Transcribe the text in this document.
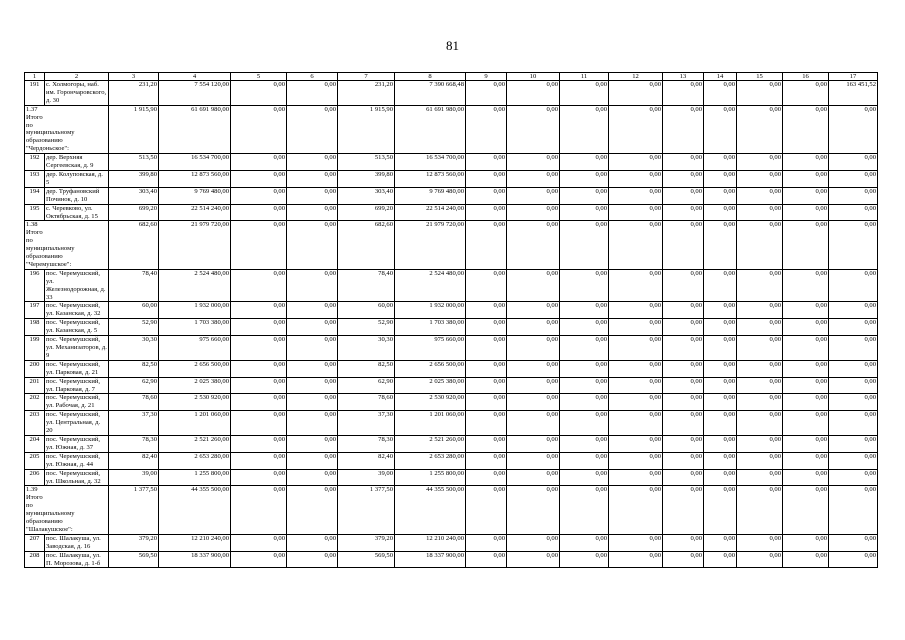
81
1	2	3	4	5	6	7	8	9	10	11	12	13	14	15	16	17
191	с. Холмогоры, наб. им. Горончаровского, д. 30	231,20	7 554 120,00	0,00	0,00	231,20	7 390 668,48	0,00	0,00	0,00	0,00	0,00	0,00	0,00	0,00	163 451,52
1.37 Итого по муниципальному образованию "Чердоньское":		1 915,90	61 691 980,00	0,00	0,00	1 915,90	61 691 980,00	0,00	0,00	0,00	0,00	0,00	0,00	0,00	0,00	0,00
192	дер. Верхняя Сергеевская, д. 9	513,50	16 534 700,00	0,00	0,00	513,50	16 534 700,00	0,00	0,00	0,00	0,00	0,00	0,00	0,00	0,00	0,00
193	дер. Колуповская, д. 5	399,80	12 873 560,00	0,00	0,00	399,80	12 873 560,00	0,00	0,00	0,00	0,00	0,00	0,00	0,00	0,00	0,00
194	дер. Труфановский Починок, д. 10	303,40	9 769 480,00	0,00	0,00	303,40	9 769 480,00	0,00	0,00	0,00	0,00	0,00	0,00	0,00	0,00	0,00
195	с. Черевково, ул. Октябрьская, д. 15	699,20	22 514 240,00	0,00	0,00	699,20	22 514 240,00	0,00	0,00	0,00	0,00	0,00	0,00	0,00	0,00	0,00
1.38 Итого по муниципальному образованию "Черемушское":		682,60	21 979 720,00	0,00	0,00	682,60	21 979 720,00	0,00	0,00	0,00	0,00	0,00	0,00	0,00	0,00	0,00
196	пос. Черемушский, ул. Железнодорожная, д. 33	78,40	2 524 480,00	0,00	0,00	78,40	2 524 480,00	0,00	0,00	0,00	0,00	0,00	0,00	0,00	0,00	0,00
197	пос. Черемушский, ул. Казанская, д. 32	60,00	1 932 000,00	0,00	0,00	60,00	1 932 000,00	0,00	0,00	0,00	0,00	0,00	0,00	0,00	0,00	0,00
198	пос. Черемушский, ул. Казанская, д. 5	52,90	1 703 380,00	0,00	0,00	52,90	1 703 380,00	0,00	0,00	0,00	0,00	0,00	0,00	0,00	0,00	0,00
199	пос. Черемушский, ул. Механизаторов, д. 9	30,30	975 660,00	0,00	0,00	30,30	975 660,00	0,00	0,00	0,00	0,00	0,00	0,00	0,00	0,00	0,00
200	пос. Черемушский, ул. Парковая, д. 21	82,50	2 656 500,00	0,00	0,00	82,50	2 656 500,00	0,00	0,00	0,00	0,00	0,00	0,00	0,00	0,00	0,00
201	пос. Черемушский, ул. Парковая, д. 7	62,90	2 025 380,00	0,00	0,00	62,90	2 025 380,00	0,00	0,00	0,00	0,00	0,00	0,00	0,00	0,00	0,00
202	пос. Черемушский, ул. Рабочая, д. 21	78,60	2 530 920,00	0,00	0,00	78,60	2 530 920,00	0,00	0,00	0,00	0,00	0,00	0,00	0,00	0,00	0,00
203	пос. Черемушский, ул. Центральная, д. 20	37,30	1 201 060,00	0,00	0,00	37,30	1 201 060,00	0,00	0,00	0,00	0,00	0,00	0,00	0,00	0,00	0,00
204	пос. Черемушский, ул. Южная, д. 37	78,30	2 521 260,00	0,00	0,00	78,30	2 521 260,00	0,00	0,00	0,00	0,00	0,00	0,00	0,00	0,00	0,00
205	пос. Черемушский, ул. Южная, д. 44	82,40	2 653 280,00	0,00	0,00	82,40	2 653 280,00	0,00	0,00	0,00	0,00	0,00	0,00	0,00	0,00	0,00
206	пос. Черемушский, ул. Школьная, д. 32	39,00	1 255 800,00	0,00	0,00	39,00	1 255 800,00	0,00	0,00	0,00	0,00	0,00	0,00	0,00	0,00	0,00
1.39 Итого по муниципальному образованию "Шалакушское":		1 377,50	44 355 500,00	0,00	0,00	1 377,50	44 355 500,00	0,00	0,00	0,00	0,00	0,00	0,00	0,00	0,00	0,00
207	пос. Шалакуша, ул. Заводская, д. 16	379,20	12 210 240,00	0,00	0,00	379,20	12 210 240,00	0,00	0,00	0,00	0,00	0,00	0,00	0,00	0,00	0,00
208	пос. Шалакуша, ул. П. Морозова, д. 1-б	569,50	18 337 900,00	0,00	0,00	569,50	18 337 900,00	0,00	0,00	0,00	0,00	0,00	0,00	0,00	0,00	0,00
